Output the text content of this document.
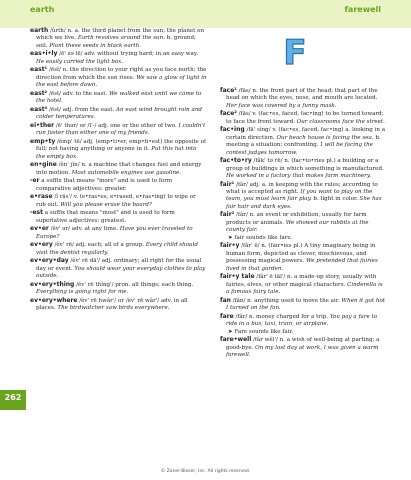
earth	farewell
F

earth /ûrth/ n. a. the third planet from the sun; the planet on which we live. Earth revolves around the sun. b. ground; soil. Plant these seeds in black earth.

eas•i•ly /ē' zə lē/ adv. without trying hard; in an easy way. He easily carried the light box.

east¹ /ēst/ n. the direction to your right as you face north; the direction from which the sun rises. We saw a glow of light in the east before dawn.

east² /ēst/ adv. to the east. We walked east until we came to the hotel.

east³ /ēst/ adj. from the east. An east wind brought rain and colder temperatures.

ei•ther /ē' thər/ or /ī'-/ adj. one or the other of two. I couldn't run faster than either one of my friends.

emp•ty /ĕmp' tē/ adj. (emp•ti•er, emp•ti•est) the opposite of full; not having anything or anyone in it. Put this hat into the empty box.

en•gine /ĕn' jĭn/ n. a machine that changes fuel and energy into motion. Most automobile engines use gasoline.

-er a suffix that means "more" and is used to form comparative adjectives: greater.

e•rase /ĭ rās'/ v. (e•ras•es, e•rased, e•ras•ing) to wipe or rub out. Will you please erase the board?

-est a suffix that means "most" and is used to form superlative adjectives: greatest.

ev•er /ĕv' ər/ adv. at any time. Have you ever traveled to Europe?

ev•ery /ĕv' rē/ adj. each; all of a group. Every child should visit the dentist regularly.

ev•ery•day /ĕv' rē dā'/ adj. ordinary; all right for the usual day or event. You should wear your everyday clothes to play outside.

ev•ery•thing /ĕv' rē thĭng'/ pron. all things; each thing. Everything is going right for me.

ev•ery•where /ĕv' rē hwâr'/ or /ĕv' rē wâr'/ adv. in all places. The birdwatcher saw birds everywhere.

face¹ /fās/ n. the front part of the head; that part of the head on which the eyes, nose, and mouth are located. Her face was covered by a funny mask.

face² /fās/ v. (fac•es, faced, fac•ing) to be turned toward; to face the front toward. Our classrooms face the street.

fac•ing /fā' sĭng/ v. (fac•es, faced, fac•ing) a. looking in a certain direction. Our beach house is facing the sea. b. meeting a situation; confronting. I will be facing the contest judges tomorrow.

fac•to•ry /făk' tə rē/ n. (fac•to•ries pl.) a building or a group of buildings in which something is manufactured. He worked in a factory that makes farm machinery.

fair¹ /fâr/ adj. a. in keeping with the rules; according to what is accepted as right. If you want to play on the team, you must learn fair play. b. light in color. She has fair hair and dark eyes.

fair² /fâr/ n. an event or exhibition, usually for farm products or animals. We showed our rabbits at the county fair.

➤ fair sounds like fare.

fair•y /fâr' ē/ n. (fair•ies pl.) A tiny imaginary being in human form, depicted as clever, mischievous, and possessing magical powers. We pretended that fairies lived in that garden.

fair•y tale /fâr' ē tāl'/ n. a made-up story, usually with fairies, elves, or other magical characters. Cinderella is a famous fairy tale.

fan /făn/ n. anything used to move the air. When it got hot I turned on the fan.

fare /fâr/ n. money charged for a trip. You pay a fare to ride in a bus, taxi, train, or airplane.

➤ Fare sounds like fair.

fare•well /fâr wĕl'/ n. a wish of well-being at parting; a good-bye. On my last day at work, I was given a warm farewell.

262
© Zaner-Bloser, Inc. All rights reserved.
